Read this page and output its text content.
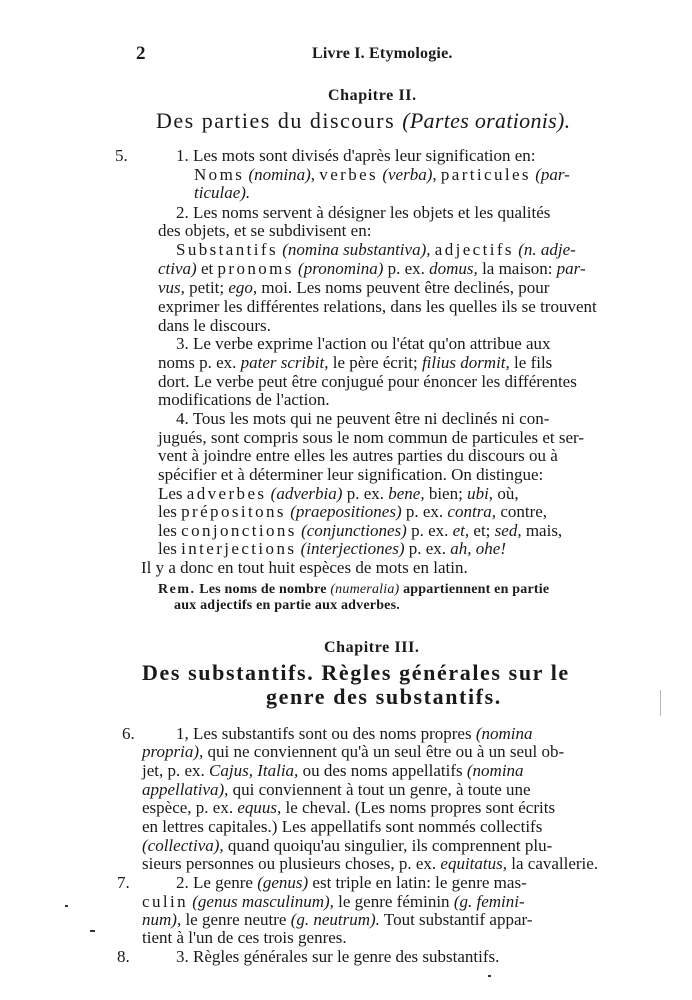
2	Livre I. Etymologie.
Chapitre II.
Des parties du discours (Partes orationis).
5.	1. Les mots sont divisés d'après leur signification en:
Noms (nomina), verbes (verba), particules (par-
ticulae).
2. Les noms servent à désigner les objets et les qualités
des objets, et se subdivisent en:
Substantifs (nomina substantiva), adjectifs (n. adje-
ctiva) et pronoms (pronomina) p. ex. domus, la maison: par-
vus, petit; ego, moi. Les noms peuvent être declinés, pour
exprimer les différentes relations, dans les quelles ils se trouvent
dans le discours.
3. Le verbe exprime l'action ou l'état qu'on attribue aux
noms p. ex. pater scribit, le père écrit; filius dormit, le fils
dort. Le verbe peut être conjugué pour énoncer les différentes
modifications de l'action.
4. Tous les mots qui ne peuvent être ni declinés ni con-
jugués, sont compris sous le nom commun de particules et ser-
vent à joindre entre elles les autres parties du discours ou à
spécifier et à déterminer leur signification. On distingue:
Les adverbes (adverbia) p. ex. bene, bien; ubi, où,
les prépositons (praepositiones) p. ex. contra, contre,
les conjonctions (conjunctiones) p. ex. et, et; sed, mais,
les interjections (interjectiones) p. ex. ah, ohe!
Il y a donc en tout huit espèces de mots en latin.
Rem. Les noms de nombre (numeralia) appartiennent en partie
aux adjectifs en partie aux adverbes.
Chapitre III.
Des substantifs. Règles générales sur le
genre des substantifs.
6. 1, Les substantifs sont ou des noms propres (nomina
propria), qui ne conviennent qu'à un seul être ou à un seul ob-
jet, p. ex. Cajus, Italia, ou des noms appellatifs (nomina
appellativa), qui conviennent à tout un genre, à toute une
espèce, p. ex. equus, le cheval. (Les noms propres sont écrits
en lettres capitales.) Les appellatifs sont nommés collectifs
(collectiva), quand quoiqu'au singulier, ils comprennent plu-
sieurs personnes ou plusieurs choses, p. ex. equitatus, la cavallerie.
7.	2. Le genre (genus) est triple en latin: le genre mas-
culin (genus masculinum), le genre féminin (g. femini-
num), le genre neutre (g. neutrum). Tout substantif appar-
tient à l'un de ces trois genres.
8.	3. Règles générales sur le genre des substantifs.
